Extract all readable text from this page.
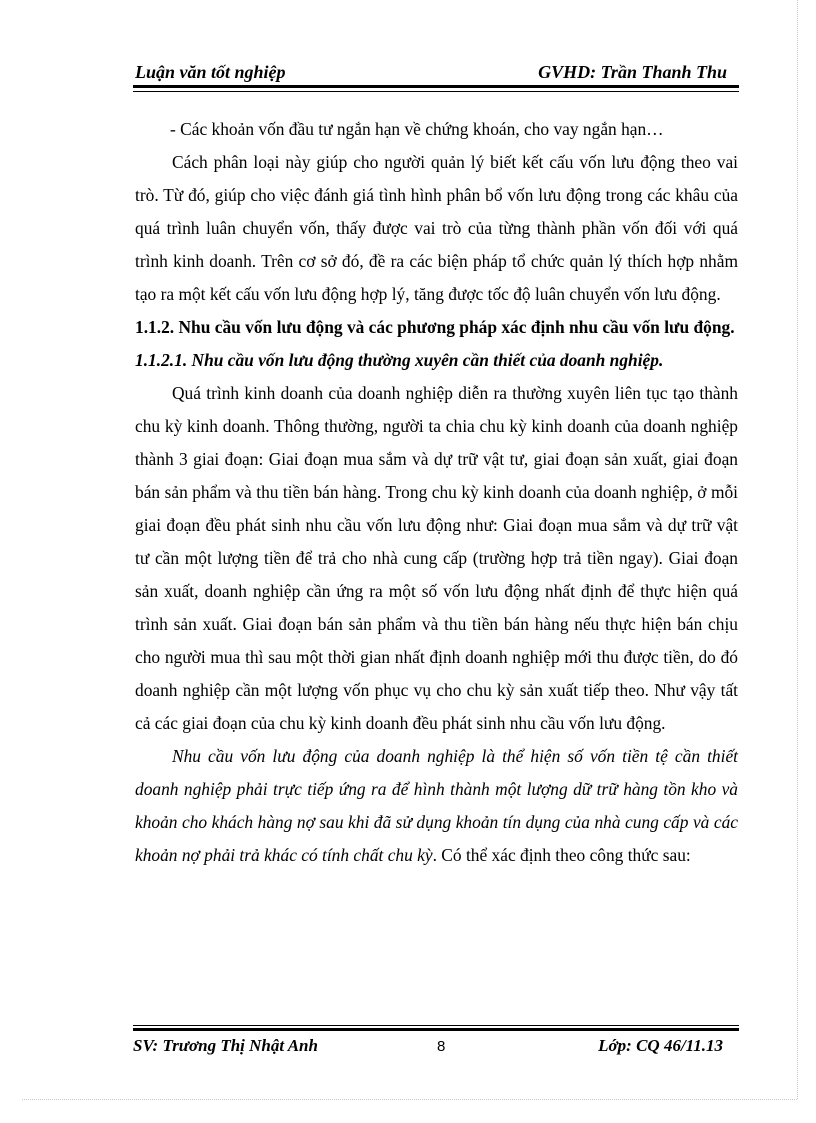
Luận văn tốt nghiệp	GVHD: Trần Thanh Thu

- Các khoản vốn đầu tư ngắn hạn về chứng khoán, cho vay ngắn hạn…

Cách phân loại này giúp cho người quản lý biết kết cấu vốn lưu động theo vai trò. Từ đó, giúp cho việc đánh giá tình hình phân bổ vốn lưu động trong các khâu của quá trình luân chuyển vốn, thấy được vai trò của từng thành phần vốn đối với quá trình kinh doanh. Trên cơ sở đó, đề ra các biện pháp tổ chức quản lý thích hợp nhằm tạo ra một kết cấu vốn lưu động hợp lý, tăng được tốc độ luân chuyển vốn lưu động.

1.1.2. Nhu cầu vốn lưu động và các phương pháp xác định nhu cầu vốn lưu động.

1.1.2.1. Nhu cầu vốn lưu động thường xuyên cần thiết của doanh nghiệp.

Quá trình kinh doanh của doanh nghiệp diễn ra thường xuyên liên tục tạo thành chu kỳ kinh doanh. Thông thường, người ta chia chu kỳ kinh doanh của doanh nghiệp thành 3 giai đoạn: Giai đoạn mua sắm và dự trữ vật tư, giai đoạn sản xuất, giai đoạn bán sản phẩm và thu tiền bán hàng. Trong chu kỳ kinh doanh của doanh nghiệp, ở mỗi giai đoạn đều phát sinh nhu cầu vốn lưu động như: Giai đoạn mua sắm và dự trữ vật tư cần một lượng tiền để trả cho nhà cung cấp (trường hợp trả tiền ngay). Giai đoạn sản xuất, doanh nghiệp cần ứng ra một số vốn lưu động nhất định để thực hiện quá trình sản xuất. Giai đoạn bán sản phẩm và thu tiền bán hàng nếu thực hiện bán chịu cho người mua thì sau một thời gian nhất định doanh nghiệp mới thu được tiền, do đó doanh nghiệp cần một lượng vốn phục vụ cho chu kỳ sản xuất tiếp theo. Như vậy tất cả các giai đoạn của chu kỳ kinh doanh đều phát sinh nhu cầu vốn lưu động.

Nhu cầu vốn lưu động của doanh nghiệp là thể hiện số vốn tiền tệ cần thiết doanh nghiệp phải trực tiếp ứng ra để hình thành một lượng dữ trữ hàng tồn kho và khoản cho khách hàng nợ sau khi đã sử dụng khoản tín dụng của nhà cung cấp và các khoản nợ phải trả khác có tính chất chu kỳ. Có thể xác định theo công thức sau:

SV: Trương Thị Nhật Anh	8	Lớp: CQ 46/11.13
